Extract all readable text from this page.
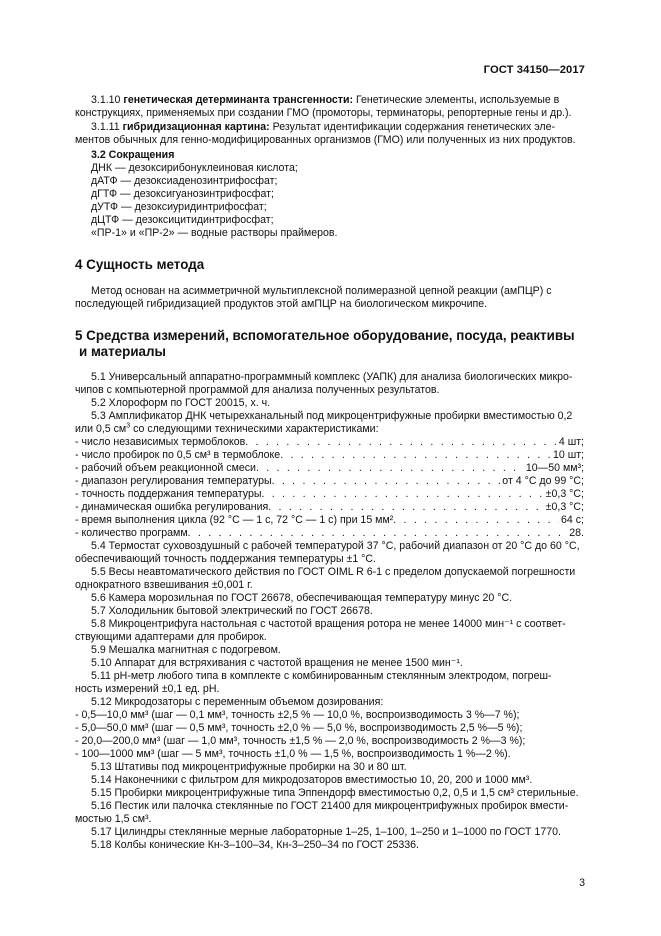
ГОСТ 34150—2017

3.1.10 генетическая детерминанта трансгенности: Генетические элементы, используемые в

конструкциях, применяемых при создании ГМО (промоторы, терминаторы, репортерные гены и др.).

3.1.11 гибридизационная картина: Результат идентификации содержания генетических эле-

ментов обычных для генно-модифицированных организмов (ГМО) или полученных из них продуктов.

3.2 Сокращения

ДНК — дезоксирибонуклеиновая кислота;

дАТФ — дезоксиаденозинтрифосфат;

дГТФ — дезоксигуанозинтрифосфат;

дУТФ — дезоксиуридинтрифосфат;

дЦТФ — дезоксицитидинтрифосфат;

«ПР-1» и «ПР-2» — водные растворы праймеров.

4 Сущность метода

Метод основан на асимметричной мультиплексной полимеразной цепной реакции (амПЦР) с

последующей гибридизацией продуктов этой амПЦР на биологическом микрочипе.

5 Средства измерений, вспомогательное оборудование, посуда, реактивы

и материалы

5.1 Универсальный аппаратно-программный комплекс (УАПК) для анализа биологических микро-

чипов с компьютерной программой для анализа полученных результатов.

5.2 Хлороформ по ГОСТ 20015, х. ч.

5.3 Амплификатор ДНК четырехканальный под микроцентрифужные пробирки вместимостью 0,2

или 0,5 $см^3$ со следующими техническими характеристиками:

- число независимых термоблоков . . .	4 шт;
- число пробирок по 0,5 см³ в термоблоке . . .	10 шт;
- рабочий объем реакционной смеси . . .	10—50 мм³;
- диапазон регулирования температуры . . .	от 4 °С до 99 °С;
- точность поддержания температуры . . .	±0,3 °С;
- динамическая ошибка регулирования . . .	±0,3 °С;
- время выполнения цикла (92 °С — 1 с, 72 °С — 1 с) при 15 мм² . . .	64 с;
- количество программ . . .	28.

5.4 Термостат суховоздушный с рабочей температурой 37 °С, рабочий диапазон от 20 °С до 60 °С,

обеспечивающий точность поддержания температуры ±1 °С.

5.5 Весы неавтоматического действия по ГОСТ OIML R 6-1 с пределом допускаемой погрешности

однократного взвешивания ±0,001 г.

5.6 Камера морозильная по ГОСТ 26678, обеспечивающая температуру минус 20 °С.

5.7 Холодильник бытовой электрический по ГОСТ 26678.

5.8 Микроцентрифуга настольная с частотой вращения ротора не менее 14000 мин⁻¹ с соответ-

ствующими адаптерами для пробирок.

5.9 Мешалка магнитная с подогревом.

5.10 Аппарат для встряхивания с частотой вращения не менее 1500 мин⁻¹.

5.11 pH-метр любого типа в комплекте с комбинированным стеклянным электродом, погреш-

ность измерений ±0,1 ед. pH.

5.12 Микродозаторы с переменным объемом дозирования:

- 0,5—10,0 мм³ (шаг — 0,1 мм³, точность ±2,5 % — 10,0 %, воспроизводимость 3 %—7 %);

- 5,0—50,0 мм³ (шаг — 0,5 мм³, точность ±2,0 % — 5,0 %, воспроизводимость 2,5 %—5 %);

- 20,0—200,0 мм³ (шаг — 1,0 мм³, точность ±1,5 % — 2,0 %, воспроизводимость 2 %—3 %);

- 100—1000 мм³ (шаг — 5 мм³, точность ±1,0 % — 1,5 %, воспроизводимость 1 %—2 %).

5.13 Штативы под микроцентрифужные пробирки на 30 и 80 шт.

5.14 Наконечники с фильтром для микродозаторов вместимостью 10, 20, 200 и 1000 мм³.

5.15 Пробирки микроцентрифужные типа Эппендорф вместимостью 0,2, 0,5 и 1,5 см³ стерильные.

5.16 Пестик или палочка стеклянные по ГОСТ 21400 для микроцентрифужных пробирок вмести-

мостью 1,5 см³.

5.17 Цилиндры стеклянные мерные лабораторные 1–25, 1–100, 1–250 и 1–1000 по ГОСТ 1770.

5.18 Колбы конические Кн-3–100–34, Кн-3–250–34 по ГОСТ 25336.

3
